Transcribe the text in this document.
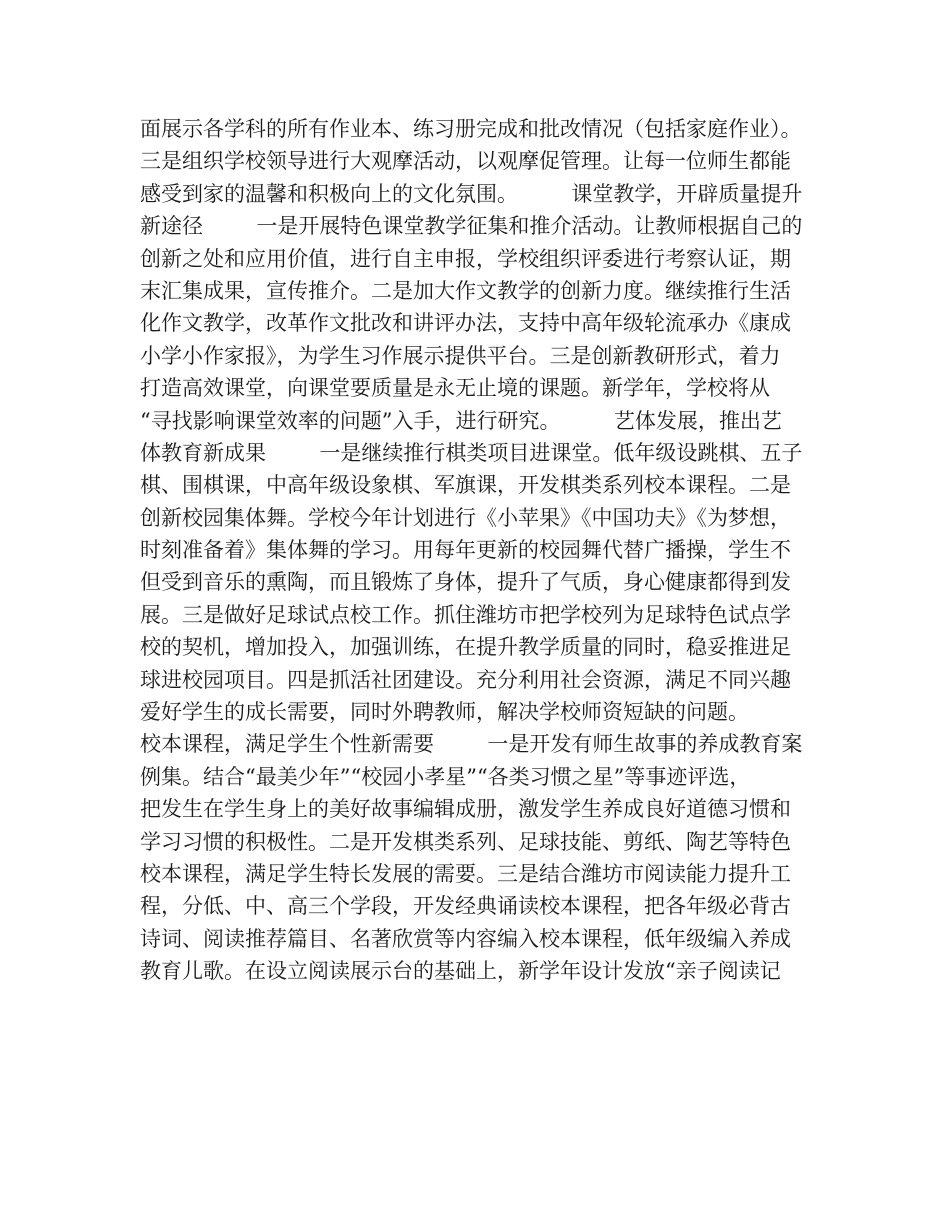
面展示各学科的所有作业本、练习册完成和批改情况（包括家庭作业）。
三是组织学校领导进行大观摩活动，以观摩促管理。让每一位师生都能
感受到家的温馨和积极向上的文化氛围。        课堂教学，开辟质量提升
新途径        一是开展特色课堂教学征集和推介活动。让教师根据自己的
创新之处和应用价值，进行自主申报，学校组织评委进行考察认证，期
末汇集成果，宣传推介。二是加大作文教学的创新力度。继续推行生活
化作文教学，改革作文批改和讲评办法，支持中高年级轮流承办《康成
小学小作家报》，为学生习作展示提供平台。三是创新教研形式，着力
打造高效课堂，向课堂要质量是永无止境的课题。新学年，学校将从
“寻找影响课堂效率的问题”入手，进行研究。        艺体发展，推出艺
体教育新成果        一是继续推行棋类项目进课堂。低年级设跳棋、五子
棋、围棋课，中高年级设象棋、军旗课，开发棋类系列校本课程。二是
创新校园集体舞。学校今年计划进行《小苹果》《中国功夫》《为梦想，
时刻准备着》集体舞的学习。用每年更新的校园舞代替广播操，学生不
但受到音乐的熏陶，而且锻炼了身体，提升了气质，身心健康都得到发
展。三是做好足球试点校工作。抓住潍坊市把学校列为足球特色试点学
校的契机，增加投入，加强训练，在提升教学质量的同时，稳妥推进足
球进校园项目。四是抓活社团建设。充分利用社会资源，满足不同兴趣
爱好学生的成长需要，同时外聘教师，解决学校师资短缺的问题。
校本课程，满足学生个性新需要        一是开发有师生故事的养成教育案
例集。结合“最美少年”“校园小孝星”“各类习惯之星”等事迹评选，
把发生在学生身上的美好故事编辑成册，激发学生养成良好道德习惯和
学习习惯的积极性。二是开发棋类系列、足球技能、剪纸、陶艺等特色
校本课程，满足学生特长发展的需要。三是结合潍坊市阅读能力提升工
程，分低、中、高三个学段，开发经典诵读校本课程，把各年级必背古
诗词、阅读推荐篇目、名著欣赏等内容编入校本课程，低年级编入养成
教育儿歌。在设立阅读展示台的基础上，新学年设计发放“亲子阅读记
